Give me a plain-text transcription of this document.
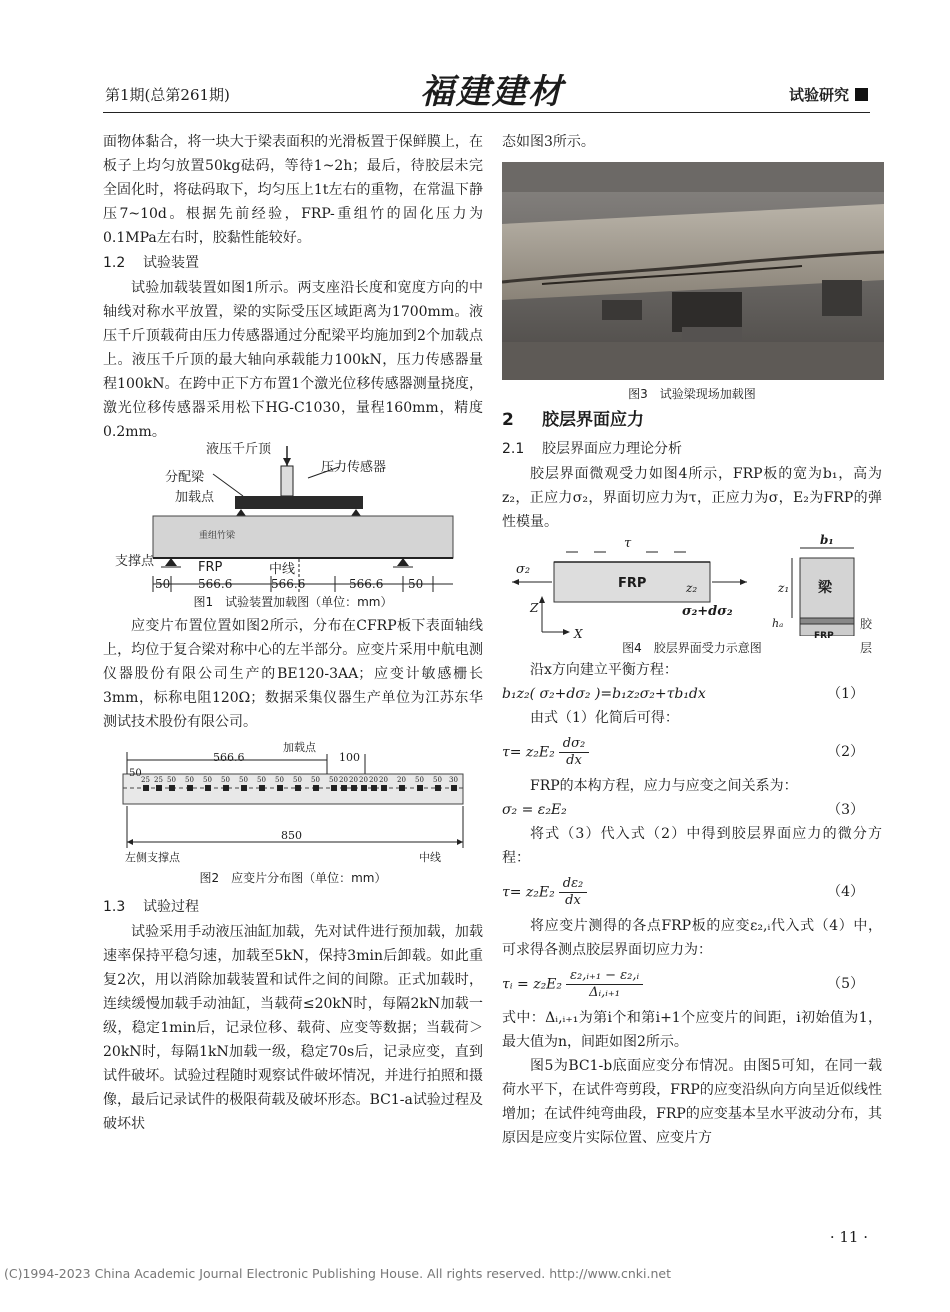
第1期(总第261期)	福建建材	试验研究

面物体黏合，将一块大于梁表面积的光滑板置于保鲜膜上，在板子上均匀放置50kg砝码，等待1~2h；最后，待胶层未完全固化时，将砝码取下，均匀压上1t左右的重物，在常温下静压7~10d。根据先前经验，FRP-重组竹的固化压力为0.1MPa左右时，胶黏性能较好。

1.2 试验装置

试验加载装置如图1所示。两支座沿长度和宽度方向的中轴线对称水平放置，梁的实际受压区域距离为1700mm。液压千斤顶载荷由压力传感器通过分配梁平均施加到2个加载点上。液压千斤顶的最大轴向承载能力100kN，压力传感器量程100kN。在跨中正下方布置1个激光位移传感器测量挠度，激光位移传感器采用松下HG-C1030，量程160mm，精度0.2mm。

液压千斤顶
压力传感器
分配梁
加载点
重组竹梁
支撑点	FRP	中线
50 566.6	566.6	566.6 50
图1　试验装置加载图（单位：mm）

应变片布置位置如图2所示，分布在CFRP板下表面轴线上，均位于复合梁对称中心的左半部分。应变片采用中航电测仪器股份有限公司生产的BE120-3AA；应变计敏感栅长3mm，标称电阻120Ω；数据采集仪器生产单位为江苏东华测试技术股份有限公司。

566.6
加载点
100
50
25 25 50 50 50 50 50 50 50 50 50 50 20 20 20 20 20 20 50 50 30
850
左侧支撑点	中线
图2　应变片分布图（单位：mm）
1.3 试验过程

试验采用手动液压油缸加载，先对试件进行预加载，加载速率保持平稳匀速，加载至5kN，保持3min后卸载。如此重复2次，用以消除加载装置和试件之间的间隙。正式加载时，连续缓慢加载手动油缸，当载荷≤20kN时，每隔2kN加载一级，稳定1min后，记录位移、载荷、应变等数据；当载荷＞20kN时，每隔1kN加载一级，稳定70s后，记录应变，直到试件破坏。试验过程随时观察试件破坏情况，并进行拍照和摄像，最后记录试件的极限荷载及破坏形态。BC1-a试验过程及破坏状

态如图3所示。

图3　试验梁现场加载图
2 胶层界面应力
2.1 胶层界面应力理论分析

胶层界面微观受力如图4所示，FRP板的宽为b₁，高为z₂，正应力σ₂，界面切应力为τ，正应力为σ，E₂为FRP的弹性模量。

τ
σ₂
FRP	z₂
σ₂+dσ₂
Z
X
b₁
z₁
hₐ
梁
FRP
胶层
图4　胶层界面受力示意图

沿x方向建立平衡方程：

b₁z₂( σ₂+dσ₂ )=b₁z₂σ₂+τb₁dx	（1）

由式（1）化简后可得：

$\tau= z_2E_2 \frac{\text{dσ₂}}{dx}$	（2）

FRP的本构方程，应力与应变之间关系为：

σ₂ = ε₂E₂	（3）

将式（3）代入式（2）中得到胶层界面应力的微分方程：

$\tau= z_2E_2 \frac{\text{dε₂}}{dx}$	（4）

将应变片测得的各点FRP板的应变ε₂,ᵢ代入式（4）中，可求得各测点胶层界面切应力为：

τᵢ = $z_2E_2 \frac{\text{ε₂,ᵢ₊₁ − ε₂,ᵢ}}{\text{Δᵢ,ᵢ₊₁}}$	（5）

式中：Δᵢ,ᵢ₊₁为第i个和第i+1个应变片的间距，i初始值为1，最大值为n，间距如图2所示。

图5为BC1-b底面应变分布情况。由图5可知，在同一载荷水平下，在试件弯剪段，FRP的应变沿纵向方向呈近似线性增加；在试件纯弯曲段，FRP的应变基本呈水平波动分布，其原因是应变片实际位置、应变片方

· 11 ·
(C)1994-2023 China Academic Journal Electronic Publishing House. All rights reserved. http://www.cnki.net
